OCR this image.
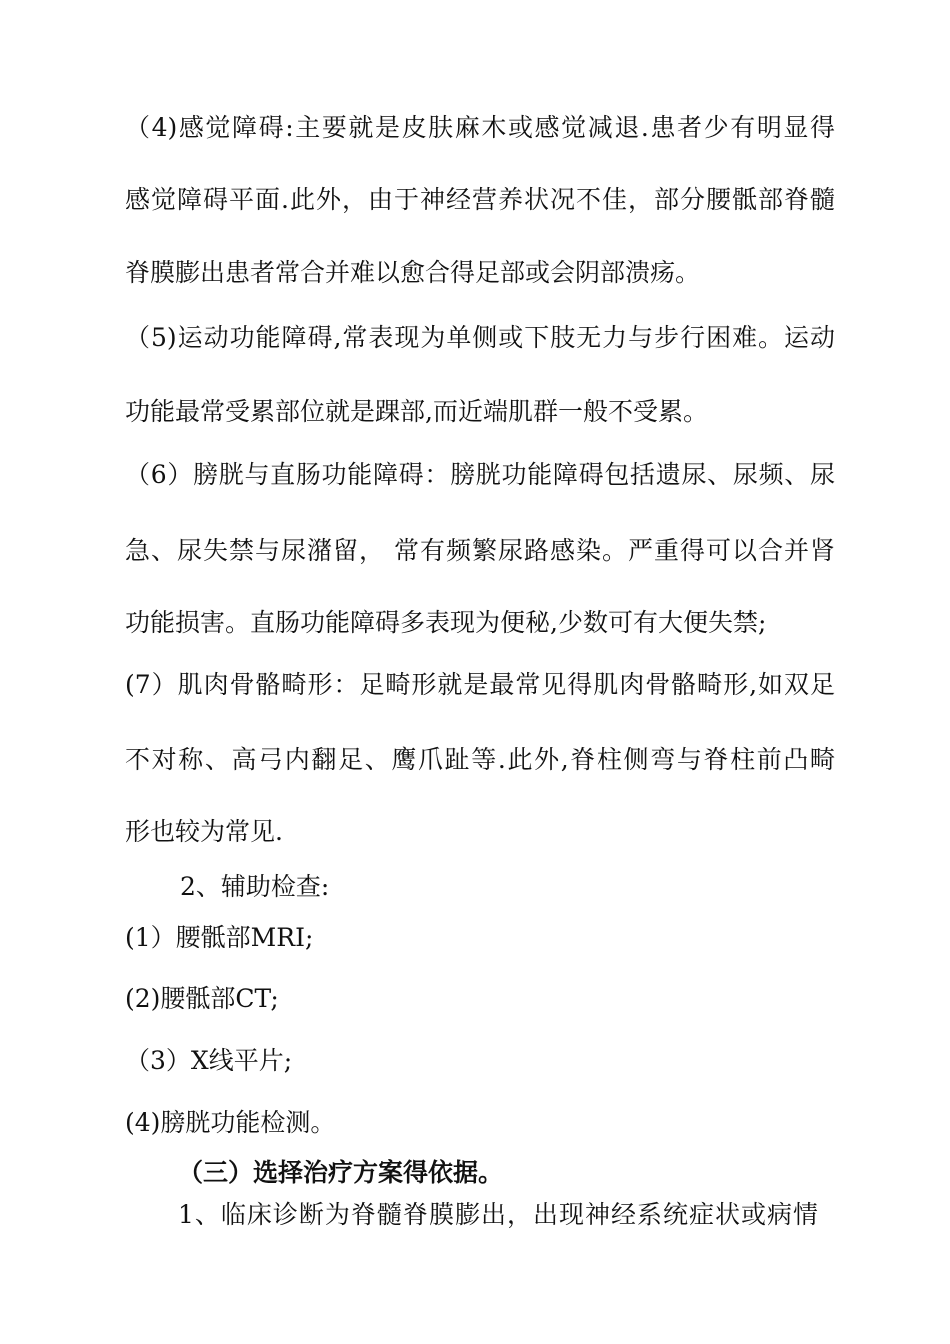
（4)感觉障碍:主要就是皮肤麻木或感觉减退.患者少有明显得
感觉障碍平面.此外，由于神经营养状况不佳，部分腰骶部脊髓
脊膜膨出患者常合并难以愈合得足部或会阴部溃疡。
（5)运动功能障碍,常表现为单侧或下肢无力与步行困难。运动
功能最常受累部位就是踝部,而近端肌群一般不受累。
（6）膀胱与直肠功能障碍：膀胱功能障碍包括遗尿、尿频、尿
急、尿失禁与尿潴留， 常有频繁尿路感染。严重得可以合并肾
功能损害。直肠功能障碍多表现为便秘,少数可有大便失禁;
(7）肌肉骨骼畸形：足畸形就是最常见得肌肉骨骼畸形,如双足
不对称、高弓内翻足、鹰爪趾等.此外,脊柱侧弯与脊柱前凸畸
形也较为常见.
2、辅助检查:
(1）腰骶部MRI;
(2)腰骶部CT;
（3）X线平片;
(4)膀胱功能检测。
（三）选择治疗方案得依据。
1、临床诊断为脊髓脊膜膨出，出现神经系统症状或病情
